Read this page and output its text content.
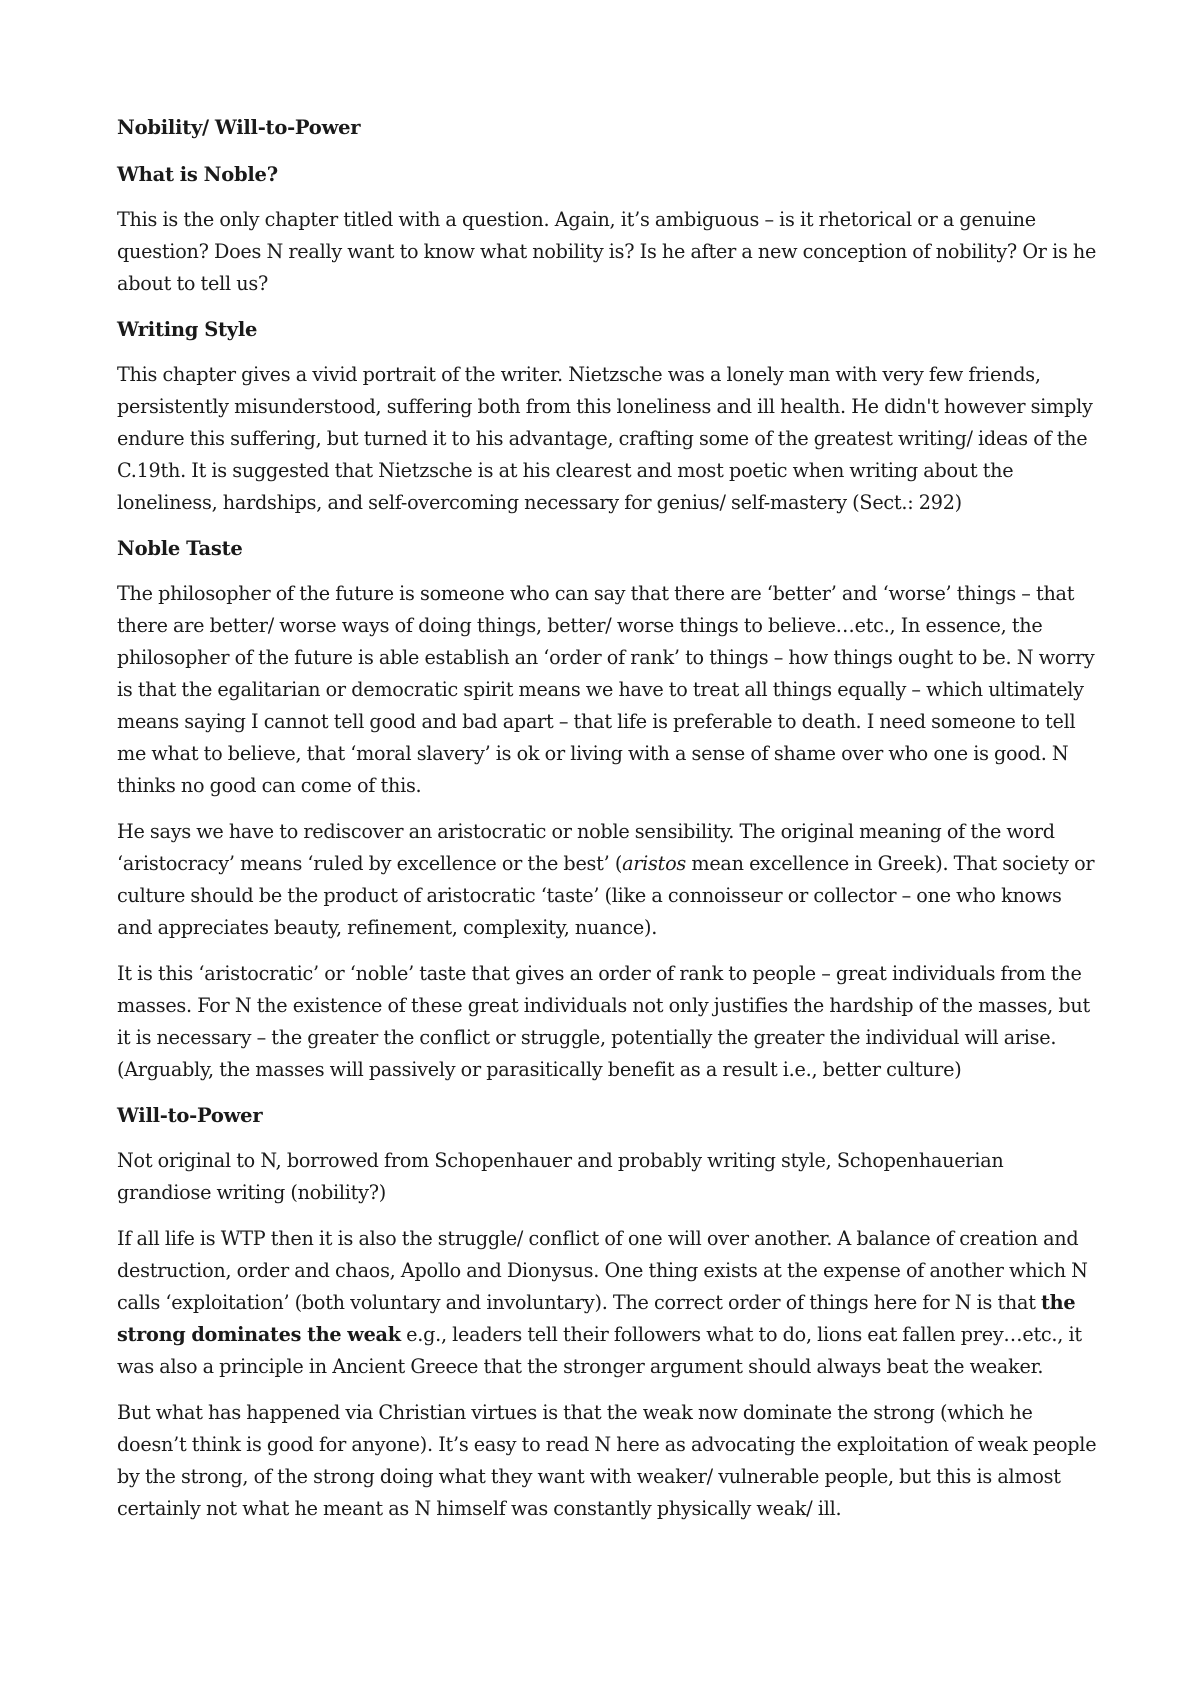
Nobility/ Will-to-Power
What is Noble?

This is the only chapter titled with a question. Again, it’s ambiguous – is it rhetorical or a genuine question? Does N really want to know what nobility is? Is he after a new conception of nobility? Or is he about to tell us?

Writing Style

This chapter gives a vivid portrait of the writer. Nietzsche was a lonely man with very few friends, persistently misunderstood, suffering both from this loneliness and ill health. He didn't however simply endure this suffering, but turned it to his advantage, crafting some of the greatest writing/ ideas of the C.19th. It is suggested that Nietzsche is at his clearest and most poetic when writing about the loneliness, hardships, and self-overcoming necessary for genius/ self-mastery (Sect.: 292)

Noble Taste

The philosopher of the future is someone who can say that there are ‘better’ and ‘worse’ things – that there are better/ worse ways of doing things, better/ worse things to believe…etc., In essence, the philosopher of the future is able establish an ‘order of rank’ to things – how things ought to be. N worry is that the egalitarian or democratic spirit means we have to treat all things equally – which ultimately means saying I cannot tell good and bad apart – that life is preferable to death. I need someone to tell me what to believe, that ‘moral slavery’ is ok or living with a sense of shame over who one is good. N thinks no good can come of this.

He says we have to rediscover an aristocratic or noble sensibility. The original meaning of the word ‘aristocracy’ means ‘ruled by excellence or the best’ (aristos mean excellence in Greek). That society or culture should be the product of aristocratic ‘taste’ (like a connoisseur or collector – one who knows and appreciates beauty, refinement, complexity, nuance).

It is this ‘aristocratic’ or ‘noble’ taste that gives an order of rank to people – great individuals from the masses. For N the existence of these great individuals not only justifies the hardship of the masses, but it is necessary – the greater the conflict or struggle, potentially the greater the individual will arise. (Arguably, the masses will passively or parasitically benefit as a result i.e., better culture)

Will-to-Power

Not original to N, borrowed from Schopenhauer and probably writing style, Schopenhauerian grandiose writing (nobility?)

If all life is WTP then it is also the struggle/ conflict of one will over another. A balance of creation and destruction, order and chaos, Apollo and Dionysus. One thing exists at the expense of another which N calls ‘exploitation’ (both voluntary and involuntary). The correct order of things here for N is that the strong dominates the weak e.g., leaders tell their followers what to do, lions eat fallen prey…etc., it was also a principle in Ancient Greece that the stronger argument should always beat the weaker.

But what has happened via Christian virtues is that the weak now dominate the strong (which he doesn’t think is good for anyone). It’s easy to read N here as advocating the exploitation of weak people by the strong, of the strong doing what they want with weaker/ vulnerable people, but this is almost certainly not what he meant as N himself was constantly physically weak/ ill.
